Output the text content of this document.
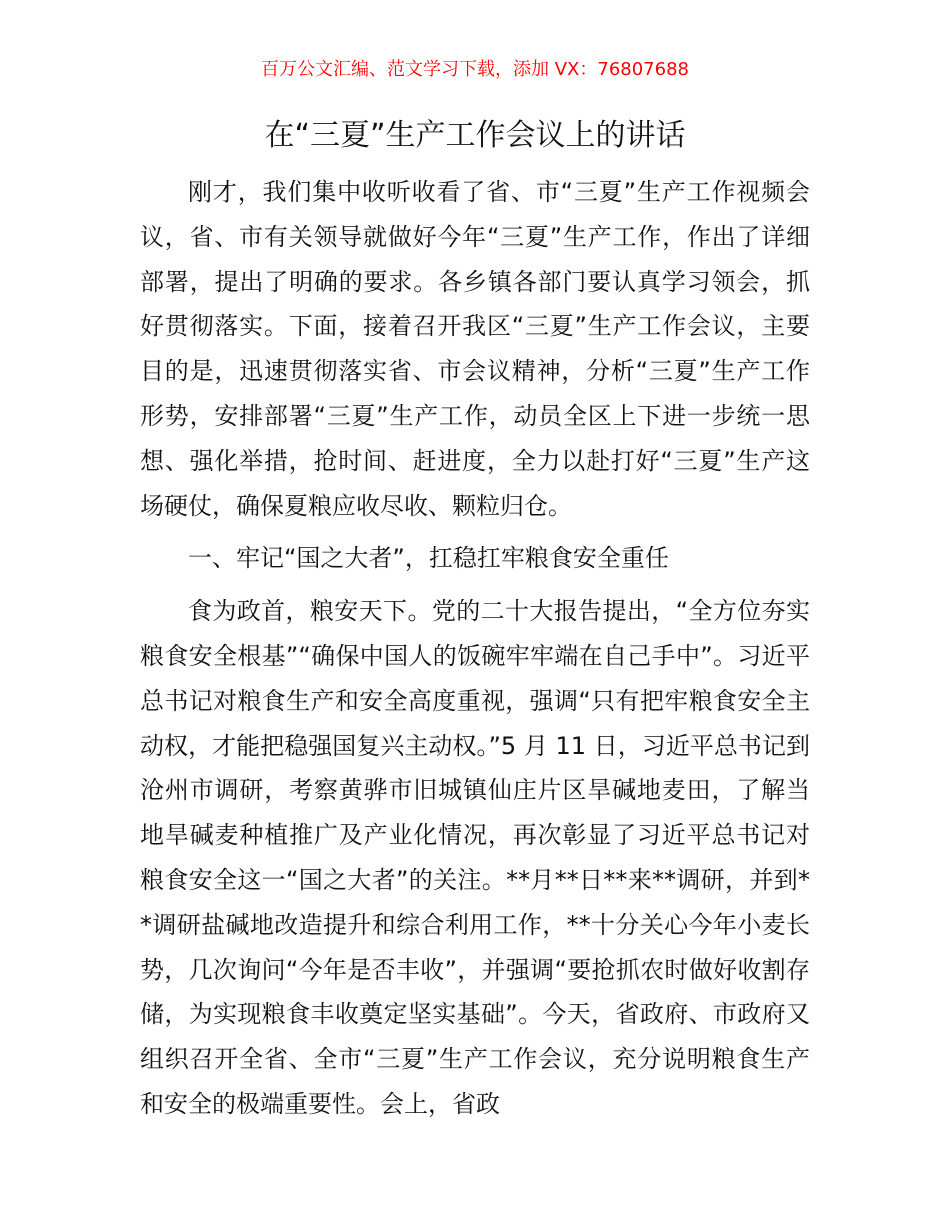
百万公文汇编、范文学习下载，添加 VX：76807688
在“三夏”生产工作会议上的讲话

刚才，我们集中收听收看了省、市“三夏”生产工作视频会议，省、市有关领导就做好今年“三夏”生产工作，作出了详细部署，提出了明确的要求。各乡镇各部门要认真学习领会，抓好贯彻落实。下面，接着召开我区“三夏”生产工作会议，主要目的是，迅速贯彻落实省、市会议精神，分析“三夏”生产工作形势，安排部署“三夏”生产工作，动员全区上下进一步统一思想、强化举措，抢时间、赶进度，全力以赴打好“三夏”生产这场硬仗，确保夏粮应收尽收、颗粒归仓。

一、牢记“国之大者”，扛稳扛牢粮食安全重任

食为政首，粮安天下。党的二十大报告提出，“全方位夯实粮食安全根基”“确保中国人的饭碗牢牢端在自己手中”。习近平总书记对粮食生产和安全高度重视，强调“只有把牢粮食安全主动权，才能把稳强国复兴主动权。”5 月 11 日，习近平总书记到沧州市调研，考察黄骅市旧城镇仙庄片区旱碱地麦田，了解当地旱碱麦种植推广及产业化情况，再次彰显了习近平总书记对粮食安全这一“国之大者”的关注。**月**日**来**调研，并到**调研盐碱地改造提升和综合利用工作，**十分关心今年小麦长势，几次询问“今年是否丰收”，并强调“要抢抓农时做好收割存储，为实现粮食丰收奠定坚实基础”。今天，省政府、市政府又组织召开全省、全市“三夏”生产工作会议，充分说明粮食生产和安全的极端重要性。会上，省政
